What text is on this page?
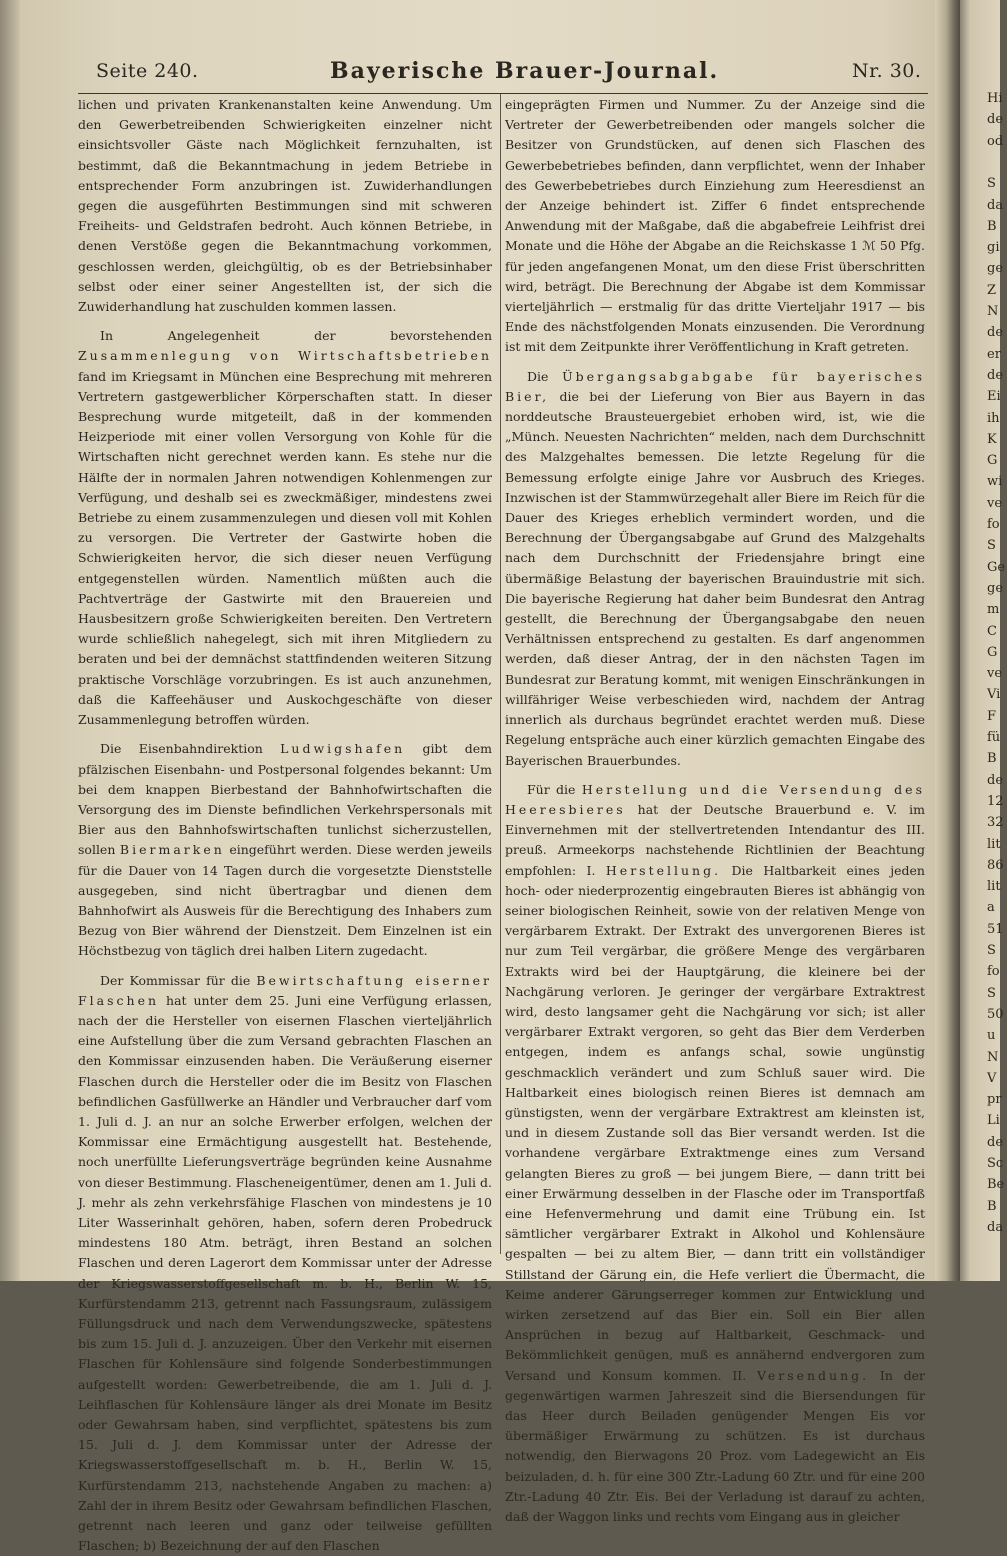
Seite 240.	Bayerische Brauer-Journal.	Nr. 30.

lichen und privaten Krankenanstalten keine Anwendung. Um den Gewerbetreibenden Schwierigkeiten einzelner nicht einsichtsvoller Gäste nach Möglichkeit fernzuhalten, ist bestimmt, daß die Bekanntmachung in jedem Betriebe in entsprechender Form anzubringen ist. Zuwiderhandlungen gegen die ausgeführten Bestimmungen sind mit schweren Freiheits- und Geldstrafen bedroht. Auch können Betriebe, in denen Verstöße gegen die Bekanntmachung vorkommen, geschlossen werden, gleichgültig, ob es der Betriebsinhaber selbst oder einer seiner Angestellten ist, der sich die Zuwiderhandlung hat zuschulden kommen lassen.

In Angelegenheit der bevorstehenden Zusammenlegung von Wirtschaftsbetrieben fand im Kriegsamt in München eine Besprechung mit mehreren Vertretern gastgewerblicher Körperschaften statt. In dieser Besprechung wurde mitgeteilt, daß in der kommenden Heizperiode mit einer vollen Versorgung von Kohle für die Wirtschaften nicht gerechnet werden kann. Es stehe nur die Hälfte der in normalen Jahren notwendigen Kohlenmengen zur Verfügung, und deshalb sei es zweckmäßiger, mindestens zwei Betriebe zu einem zusammenzulegen und diesen voll mit Kohlen zu versorgen. Die Vertreter der Gastwirte hoben die Schwierigkeiten hervor, die sich dieser neuen Verfügung entgegenstellen würden. Namentlich müßten auch die Pachtverträge der Gastwirte mit den Brauereien und Hausbesitzern große Schwierigkeiten bereiten. Den Vertretern wurde schließlich nahegelegt, sich mit ihren Mitgliedern zu beraten und bei der demnächst stattfindenden weiteren Sitzung praktische Vorschläge vorzubringen. Es ist auch anzunehmen, daß die Kaffeehäuser und Auskochgeschäfte von dieser Zusammenlegung betroffen würden.

Die Eisenbahndirektion Ludwigshafen gibt dem pfälzischen Eisenbahn- und Postpersonal folgendes bekannt: Um bei dem knappen Bierbestand der Bahnhofwirtschaften die Versorgung des im Dienste befindlichen Verkehrspersonals mit Bier aus den Bahnhofswirtschaften tunlichst sicherzustellen, sollen Biermarken eingeführt werden. Diese werden jeweils für die Dauer von 14 Tagen durch die vorgesetzte Dienststelle ausgegeben, sind nicht übertragbar und dienen dem Bahnhofwirt als Ausweis für die Berechtigung des Inhabers zum Bezug von Bier während der Dienstzeit. Dem Einzelnen ist ein Höchstbezug von täglich drei halben Litern zugedacht.

Der Kommissar für die Bewirtschaftung eiserner Flaschen hat unter dem 25. Juni eine Verfügung erlassen, nach der die Hersteller von eisernen Flaschen vierteljährlich eine Aufstellung über die zum Versand gebrachten Flaschen an den Kommissar einzusenden haben. Die Veräußerung eiserner Flaschen durch die Hersteller oder die im Besitz von Flaschen befindlichen Gasfüllwerke an Händler und Verbraucher darf vom 1. Juli d. J. an nur an solche Erwerber erfolgen, welchen der Kommissar eine Ermächtigung ausgestellt hat. Bestehende, noch unerfüllte Lieferungsverträge begründen keine Ausnahme von dieser Bestimmung. Flascheneigentümer, denen am 1. Juli d. J. mehr als zehn verkehrsfähige Flaschen von mindestens je 10 Liter Wasserinhalt gehören, haben, sofern deren Probedruck mindestens 180 Atm. beträgt, ihren Bestand an solchen Flaschen und deren Lagerort dem Kommissar unter der Adresse der Kriegswasserstoffgesellschaft m. b. H., Berlin W. 15, Kurfürstendamm 213, getrennt nach Fassungsraum, zulässigem Füllungsdruck und nach dem Verwendungszwecke, spätestens bis zum 15. Juli d. J. anzuzeigen. Über den Verkehr mit eisernen Flaschen für Kohlensäure sind folgende Sonderbestimmungen aufgestellt worden: Gewerbetreibende, die am 1. Juli d. J. Leihflaschen für Kohlensäure länger als drei Monate im Besitz oder Gewahrsam haben, sind verpflichtet, spätestens bis zum 15. Juli d. J. dem Kommissar unter der Adresse der Kriegswasserstoffgesellschaft m. b. H., Berlin W. 15, Kurfürstendamm 213, nachstehende Angaben zu machen: a) Zahl der in ihrem Besitz oder Gewahrsam befindlichen Flaschen, getrennt nach leeren und ganz oder teilweise gefüllten Flaschen; b) Bezeichnung der auf den Flaschen

eingeprägten Firmen und Nummer. Zu der Anzeige sind die Vertreter der Gewerbetreibenden oder mangels solcher die Besitzer von Grundstücken, auf denen sich Flaschen des Gewerbebetriebes befinden, dann verpflichtet, wenn der Inhaber des Gewerbebetriebes durch Einziehung zum Heeresdienst an der Anzeige behindert ist. Ziffer 6 findet entsprechende Anwendung mit der Maßgabe, daß die abgabefreie Leihfrist drei Monate und die Höhe der Abgabe an die Reichskasse 1 ℳ 50 Pfg. für jeden angefangenen Monat, um den diese Frist überschritten wird, beträgt. Die Berechnung der Abgabe ist dem Kommissar vierteljährlich — erstmalig für das dritte Vierteljahr 1917 — bis Ende des nächstfolgenden Monats einzusenden. Die Verordnung ist mit dem Zeitpunkte ihrer Veröffentlichung in Kraft getreten.

Die Übergangsabgabgabe für bayerisches Bier, die bei der Lieferung von Bier aus Bayern in das norddeutsche Brausteuergebiet erhoben wird, ist, wie die „Münch. Neuesten Nachrichten“ melden, nach dem Durchschnitt des Malzgehaltes bemessen. Die letzte Regelung für die Bemessung erfolgte einige Jahre vor Ausbruch des Krieges. Inzwischen ist der Stammwürzegehalt aller Biere im Reich für die Dauer des Krieges erheblich vermindert worden, und die Berechnung der Übergangsabgabe auf Grund des Malzgehalts nach dem Durchschnitt der Friedensjahre bringt eine übermäßige Belastung der bayerischen Brauindustrie mit sich. Die bayerische Regierung hat daher beim Bundesrat den Antrag gestellt, die Berechnung der Übergangsabgabe den neuen Verhältnissen entsprechend zu gestalten. Es darf angenommen werden, daß dieser Antrag, der in den nächsten Tagen im Bundesrat zur Beratung kommt, mit wenigen Einschränkungen in willfähriger Weise verbeschieden wird, nachdem der Antrag innerlich als durchaus begründet erachtet werden muß. Diese Regelung entspräche auch einer kürzlich gemachten Eingabe des Bayerischen Brauerbundes.

Für die Herstellung und die Versendung des Heeresbieres hat der Deutsche Brauerbund e. V. im Einvernehmen mit der stellvertretenden Intendantur des III. preuß. Armeekorps nachstehende Richtlinien der Beachtung empfohlen: I. Herstellung. Die Haltbarkeit eines jeden hoch- oder niederprozentig eingebrauten Bieres ist abhängig von seiner biologischen Reinheit, sowie von der relativen Menge von vergärbarem Extrakt. Der Extrakt des unvergorenen Bieres ist nur zum Teil vergärbar, die größere Menge des vergärbaren Extrakts wird bei der Hauptgärung, die kleinere bei der Nachgärung verloren. Je geringer der vergärbare Extraktrest wird, desto langsamer geht die Nachgärung vor sich; ist aller vergärbarer Extrakt vergoren, so geht das Bier dem Verderben entgegen, indem es anfangs schal, sowie ungünstig geschmacklich verändert und zum Schluß sauer wird. Die Haltbarkeit eines biologisch reinen Bieres ist demnach am günstigsten, wenn der vergärbare Extraktrest am kleinsten ist, und in diesem Zustande soll das Bier versandt werden. Ist die vorhandene vergärbare Extraktmenge eines zum Versand gelangten Bieres zu groß — bei jungem Biere, — dann tritt bei einer Erwärmung desselben in der Flasche oder im Transportfaß eine Hefenvermehrung und damit eine Trübung ein. Ist sämtlicher vergärbarer Extrakt in Alkohol und Kohlensäure gespalten — bei zu altem Bier, — dann tritt ein vollständiger Stillstand der Gärung ein, die Hefe verliert die Übermacht, die Keime anderer Gärungserreger kommen zur Entwicklung und wirken zersetzend auf das Bier ein. Soll ein Bier allen Ansprüchen in bezug auf Haltbarkeit, Geschmack- und Bekömmlichkeit genügen, muß es annähernd endvergoren zum Versand und Konsum kommen. II. Versendung. In der gegenwärtigen warmen Jahreszeit sind die Biersendungen für das Heer durch Beiladen genügender Mengen Eis vor übermäßiger Erwärmung zu schützen. Es ist durchaus notwendig, den Bierwagons 20 Proz. vom Ladegewicht an Eis beizuladen, d. h. für eine 300 Ztr.-Ladung 60 Ztr. und für eine 200 Ztr.-Ladung 40 Ztr. Eis. Bei der Verladung ist darauf zu achten, daß der Waggon links und rechts vom Eingang aus in gleicher

Hi
de
od
S
da
B
gi
ge
Z
N
de
er
de
Ei
ih
K
G
wi
ve
fo
S
Ge
ge
m
C
G
ve
Vi
F
fü
B
de
12
32
lit
86
lit
a
51
S
fo
S
50
u
N
V
pr
Li
de
Sc
Be
B
da
